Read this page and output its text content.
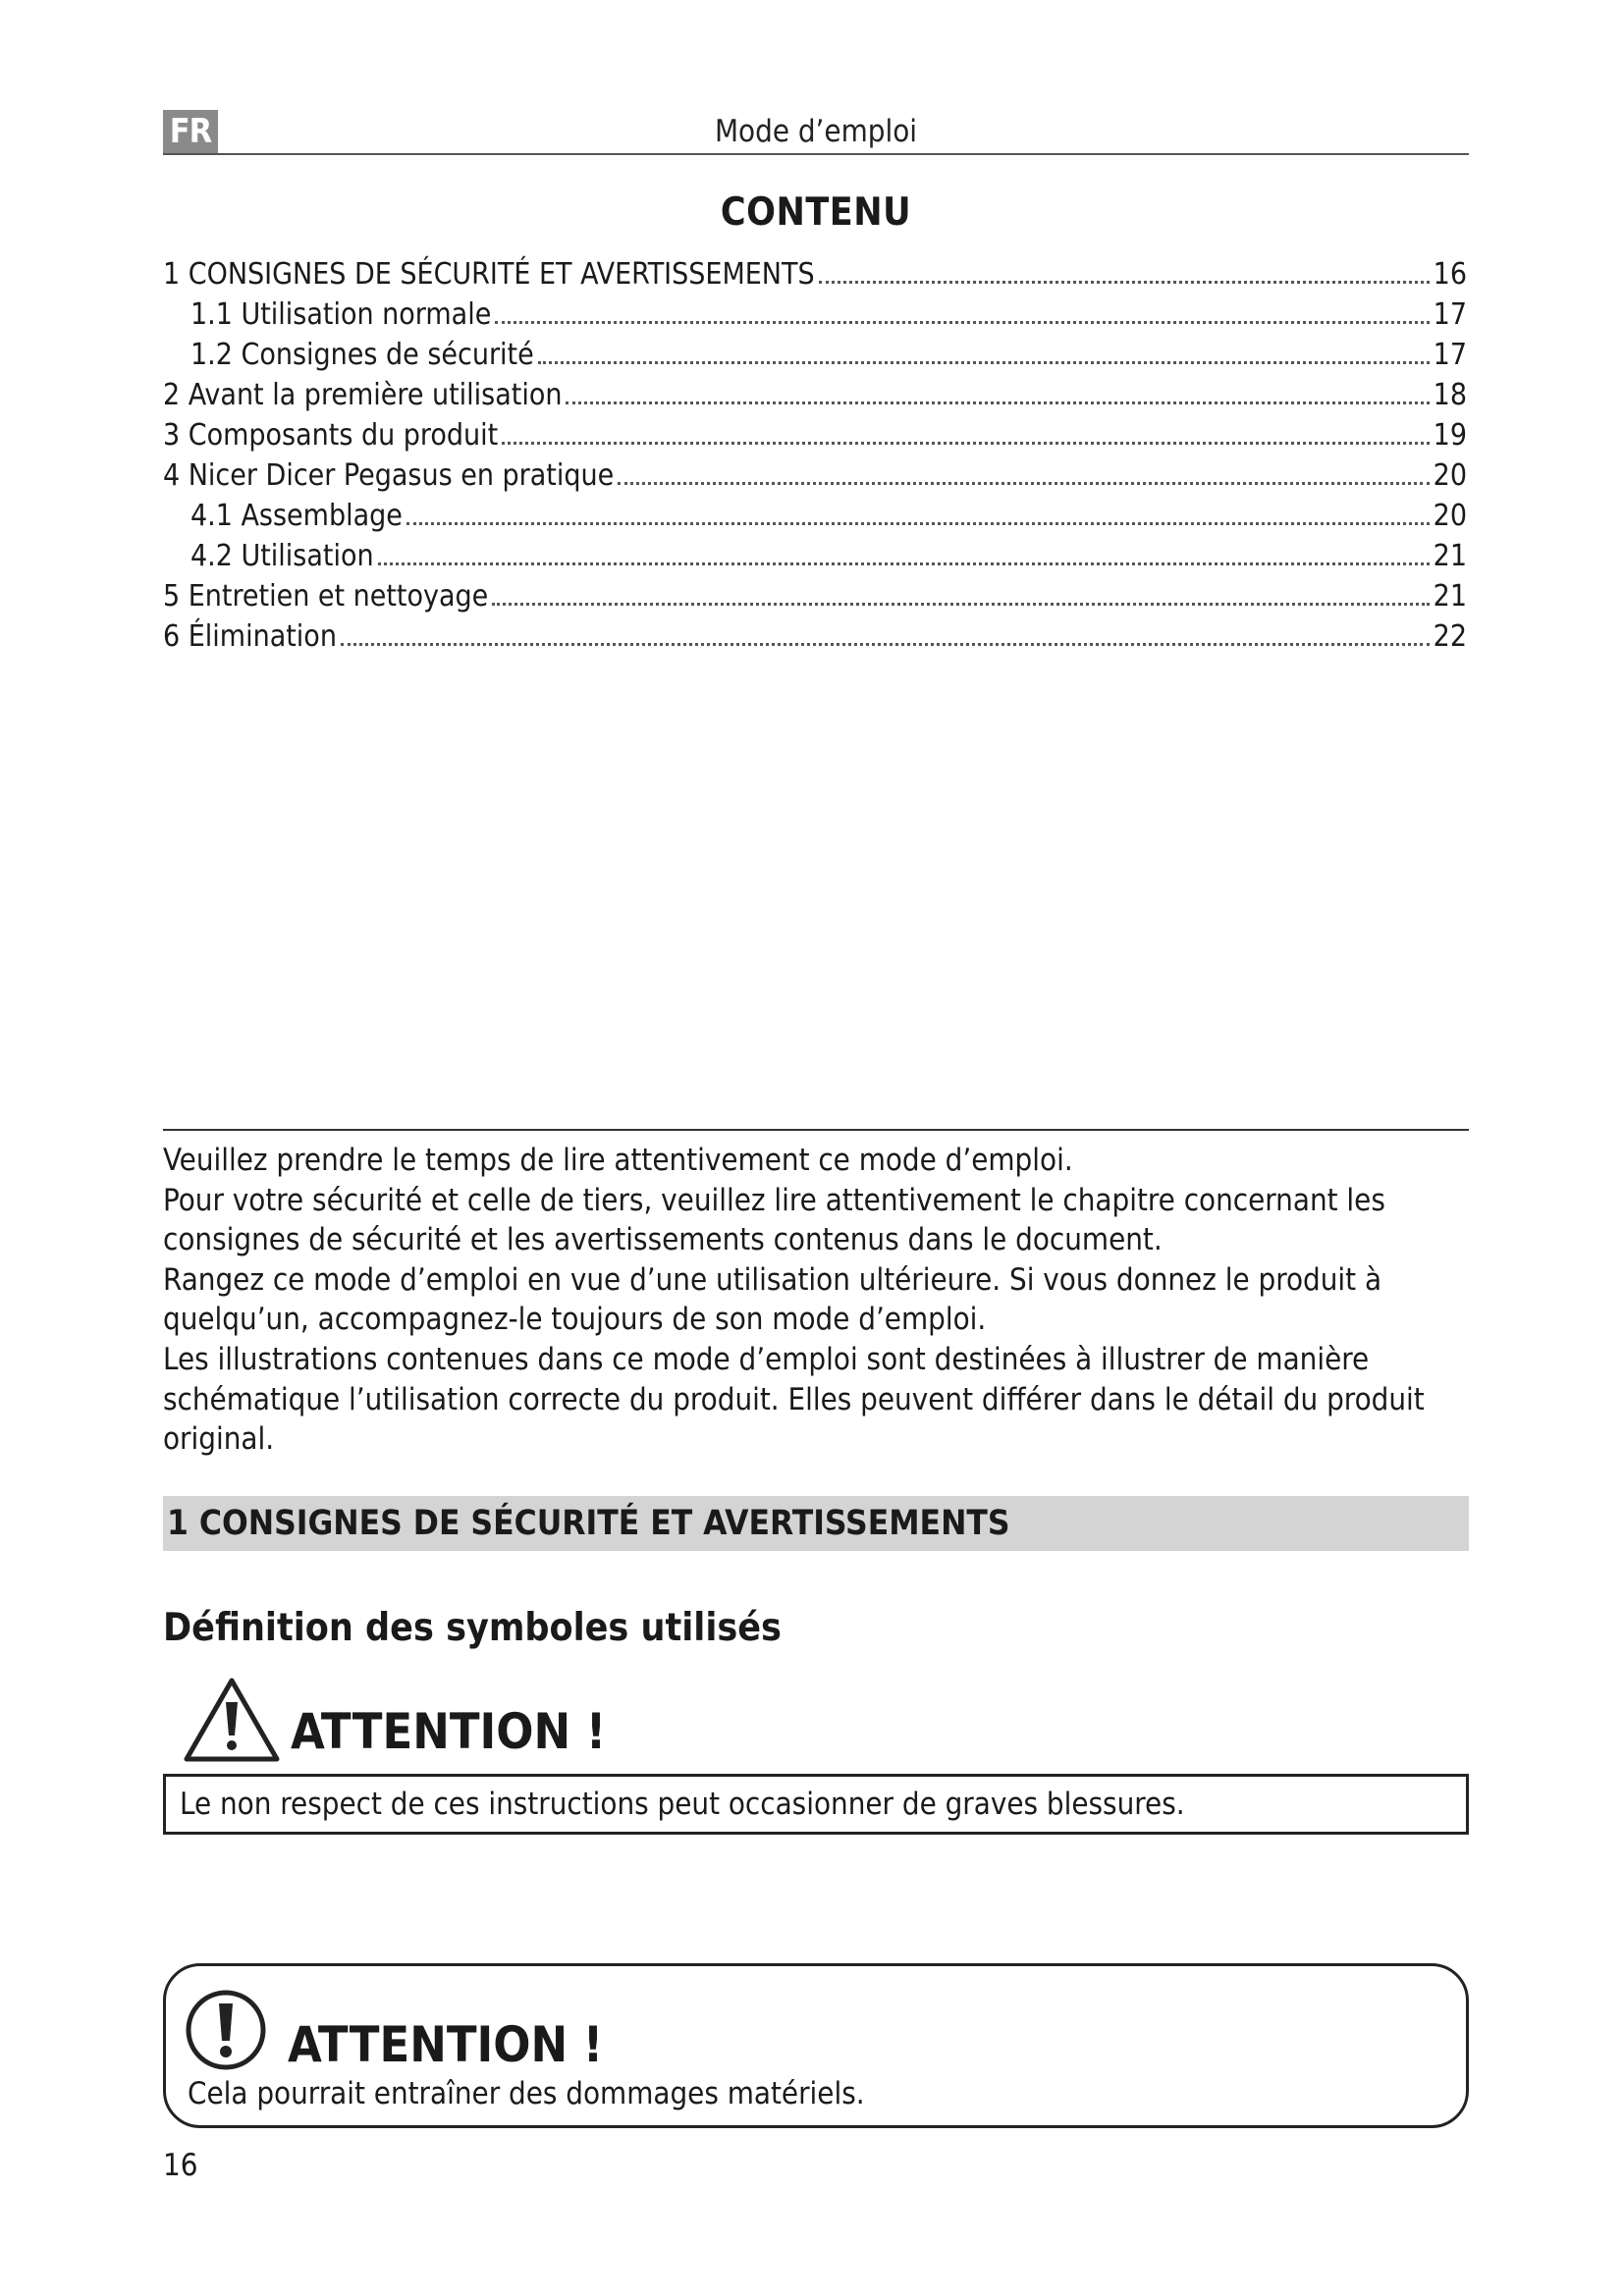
FR	Mode d’emploi
CONTENU
1 CONSIGNES DE SÉCURITÉ ET AVERTISSEMENTS	16
1.1 Utilisation normale	17
1.2 Consignes de sécurité	17
2 Avant la première utilisation	18
3 Composants du produit	19
4 Nicer Dicer Pegasus en pratique	20
4.1 Assemblage	20
4.2 Utilisation	21
5 Entretien et nettoyage	21
6 Élimination	22

Veuillez prendre le temps de lire attentivement ce mode d’emploi.

Pour votre sécurité et celle de tiers, veuillez lire attentivement le chapitre concernant les consignes de sécurité et les avertissements contenus dans le document.

Rangez ce mode d’emploi en vue d’une utilisation ultérieure. Si vous donnez le produit à quelqu’un, accompagnez-le toujours de son mode d’emploi.

Les illustrations contenues dans ce mode d’emploi sont destinées à illustrer de manière schématique l’utilisation correcte du produit. Elles peuvent différer dans le détail du produit original.

1 CONSIGNES DE SÉCURITÉ ET AVERTISSEMENTS
Définition des symboles utilisés
ATTENTION !
Le non respect de ces instructions peut occasionner de graves blessures.
ATTENTION !
Cela pourrait entraîner des dommages matériels.
16
